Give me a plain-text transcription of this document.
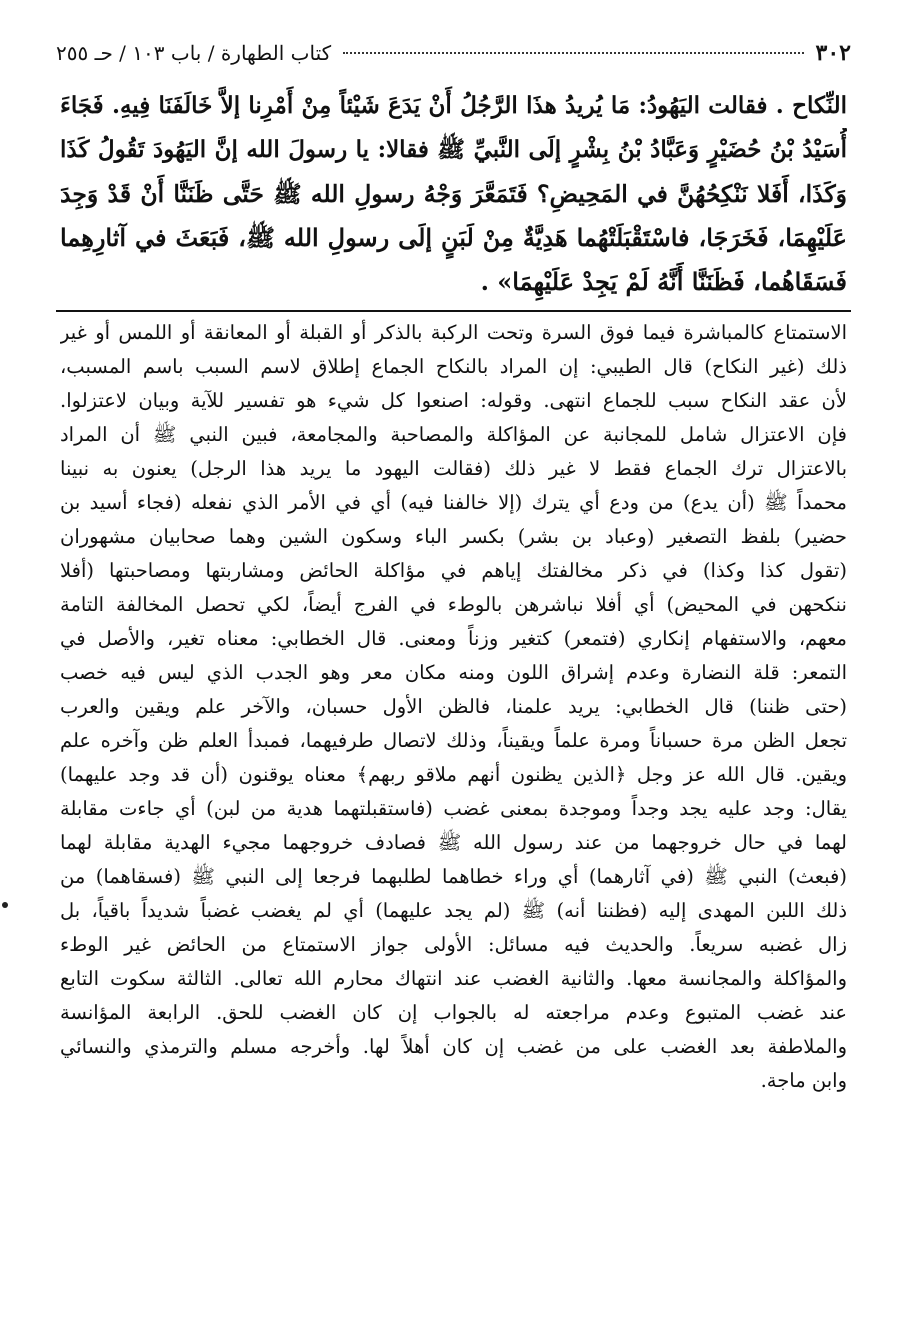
٣٠٢
كتاب الطهارة / باب ١٠٣ / حـ ٢٥٥
النِّكاح . فقالت اليَهُودُ: مَا يُريدُ هذَا الرَّجُلُ أَنْ يَدَعَ شَيْئاً مِنْ أَمْرِنا إلاَّ خَالَفَنَا فِيهِ. فَجَاءَ
أُسَيْدُ بْنُ حُضَيْرٍ وَعَبَّادُ بْنُ بِشْرٍ إلَى النَّبيِّ ﷺ فقالا: يا رسولَ الله إنَّ اليَهُودَ تَقُولُ كَذَا
وَكَذَا، أَفَلا نَنْكِحُهُنَّ في المَحِيضِ؟ فَتَمَعَّرَ وَجْهُ رسولِ الله ﷺ حَتَّى ظَنَنَّا أَنْ قَدْ وَجِدَ
عَلَيْهِمَا، فَخَرَجَا، فاسْتَقْبَلَتْهُما هَدِيَّةٌ مِنْ لَبَنٍ إلَى رسولِ الله ﷺ، فَبَعَثَ في آثارِهِما
فَسَقَاهُما، فَظَنَنَّا أَنَّهُ لَمْ يَجِدْ عَلَيْهِمَا» .
الاستمتاع كالمباشرة فيما فوق السرة وتحت الركبة بالذكر أو القبلة أو المعانقة أو اللمس أو غير
ذلك (غير النكاح) قال الطيبي: إن المراد بالنكاح الجماع إطلاق لاسم السبب باسم المسبب،
لأن عقد النكاح سبب للجماع انتهى. وقوله: اصنعوا كل شيء هو تفسير للآية وبيان لاعتزلوا.
فإن الاعتزال شامل للمجانبة عن المؤاكلة والمصاحبة والمجامعة، فبين النبي ﷺ أن المراد
بالاعتزال ترك الجماع فقط لا غير ذلك (فقالت اليهود ما يريد هذا الرجل) يعنون به نبينا
محمداً ﷺ (أن يدع) من ودع أي يترك (إلا خالفنا فيه) أي في الأمر الذي نفعله (فجاء أسيد بن
حضير) بلفظ التصغير (وعباد بن بشر) بكسر الباء وسكون الشين وهما صحابيان مشهوران
(تقول كذا وكذا) في ذكر مخالفتك إياهم في مؤاكلة الحائض ومشاربتها ومصاحبتها (أفلا
ننكحهن في المحيض) أي أفلا نباشرهن بالوطء في الفرج أيضاً، لكي تحصل المخالفة التامة
معهم، والاستفهام إنكاري (فتمعر) كتغير وزناً ومعنى. قال الخطابي: معناه تغير، والأصل في
التمعر: قلة النضارة وعدم إشراق اللون ومنه مكان معر وهو الجدب الذي ليس فيه خصب
(حتى ظننا) قال الخطابي: يريد علمنا، فالظن الأول حسبان، والآخر علم ويقين والعرب
تجعل الظن مرة حسباناً ومرة علماً ويقيناً، وذلك لاتصال طرفيهما، فمبدأ العلم ظن وآخره علم
ويقين. قال الله عز وجل ﴿الذين يظنون أنهم ملاقو ربهم﴾ معناه يوقنون (أن قد وجد عليهما)
يقال: وجد عليه يجد وجداً وموجدة بمعنى غضب (فاستقبلتهما هدية من لبن) أي جاءت مقابلة
لهما في حال خروجهما من عند رسول الله ﷺ فصادف خروجهما مجيء الهدية مقابلة لهما
(فبعث) النبي ﷺ (في آثارهما) أي وراء خطاهما لطلبهما فرجعا إلى النبي ﷺ (فسقاهما) من
ذلك اللبن المهدى إليه (فظننا أنه) ﷺ (لم يجد عليهما) أي لم يغضب غضباً شديداً باقياً، بل
زال غضبه سريعاً. والحديث فيه مسائل: الأولى جواز الاستمتاع من الحائض غير الوطء
والمؤاكلة والمجانسة معها. والثانية الغضب عند انتهاك محارم الله تعالى. الثالثة سكوت التابع
عند غضب المتبوع وعدم مراجعته له بالجواب إن كان الغضب للحق. الرابعة المؤانسة
والملاطفة بعد الغضب على من غضب إن كان أهلاً لها. وأخرجه مسلم والترمذي والنسائي
وابن ماجة.
